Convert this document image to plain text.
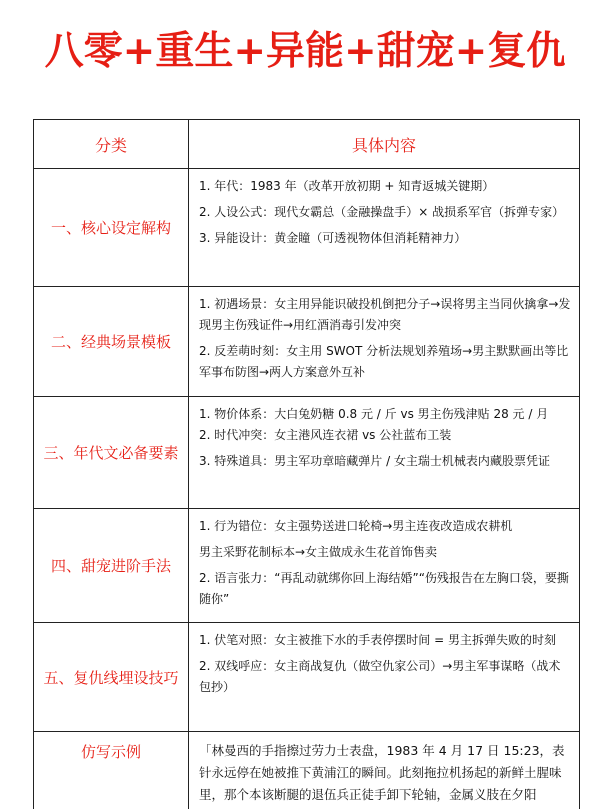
八零+重生+异能+甜宠+复仇
分类	具体内容
一、核心设定解构	1. 年代：1983 年（改革开放初期 + 知青返城关键期）

2. 人设公式：现代女霸总（金融操盘手）× 战损系军官（拆弹专家）

3. 异能设计：黄金瞳（可透视物体但消耗精神力）

二、经典场景模板	1. 初遇场景：女主用异能识破投机倒把分子→误将男主当同伙擒拿→发现男主伤残证件→用红酒消毒引发冲突

2. 反差萌时刻：女主用 SWOT 分析法规划养殖场→男主默默画出等比军事布防图→两人方案意外互补

三、年代文必备要素	1. 物价体系：大白兔奶糖 0.8 元 / 斤 vs 男主伤残津贴 28 元 / 月

2. 时代冲突：女主港风连衣裙 vs 公社蓝布工装

3. 特殊道具：男主军功章暗藏弹片 / 女主瑞士机械表内藏股票凭证

四、甜宠进阶手法	1. 行为错位：女主强势送进口轮椅→男主连夜改造成农耕机

男主采野花制标本→女主做成永生花首饰售卖

2. 语言张力：“再乱动就绑你回上海结婚”“伤残报告在左胸口袋，要撕随你”

五、复仇线埋设技巧	1. 伏笔对照：女主被推下水的手表停摆时间 = 男主拆弹失败的时刻

2. 双线呼应：女主商战复仇（做空仇家公司）→男主军事谋略（战术包抄）

仿写示例	「林曼西的手指擦过劳力士表盘，1983 年 4 月 17 日 15:23，表针永远停在她被推下黄浦江的瞬间。此刻拖拉机扬起的新鲜土腥味里，那个本该断腿的退伍兵正徒手卸下轮轴，金属义肢在夕阳
